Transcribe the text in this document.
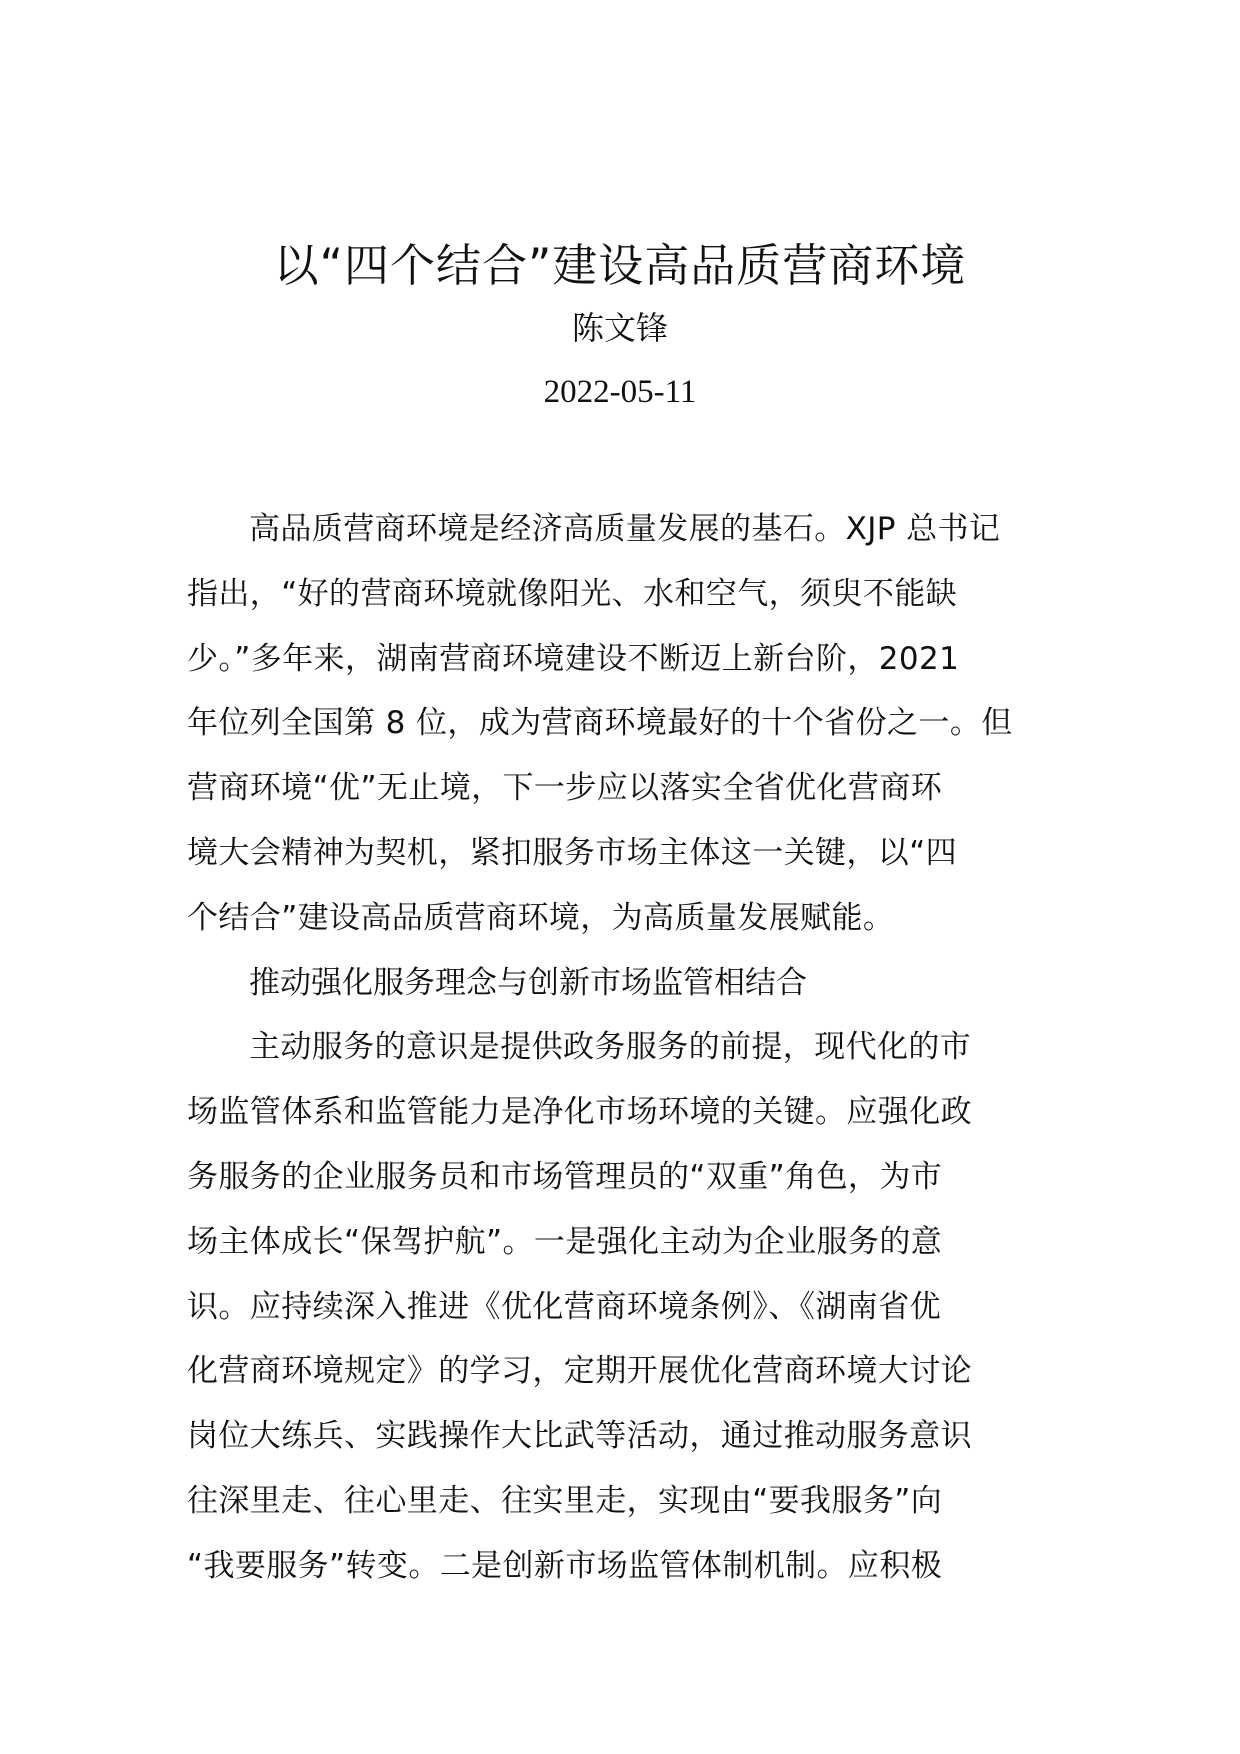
以“四个结合”建设高品质营商环境
陈文锋
2022-05-11
高品质营商环境是经济高质量发展的基石。XJP 总书记
指出，“好的营商环境就像阳光、水和空气，须臾不能缺
少。”多年来，湖南营商环境建设不断迈上新台阶，2021
年位列全国第 8 位，成为营商环境最好的十个省份之一。但
营商环境“优”无止境，下一步应以落实全省优化营商环
境大会精神为契机，紧扣服务市场主体这一关键，以“四
个结合”建设高品质营商环境，为高质量发展赋能。
推动强化服务理念与创新市场监管相结合
主动服务的意识是提供政务服务的前提，现代化的市
场监管体系和监管能力是净化市场环境的关键。应强化政
务服务的企业服务员和市场管理员的“双重”角色，为市
场主体成长“保驾护航”。一是强化主动为企业服务的意
识。应持续深入推进《优化营商环境条例》、《湖南省优
化营商环境规定》的学习，定期开展优化营商环境大讨论
岗位大练兵、实践操作大比武等活动，通过推动服务意识
往深里走、往心里走、往实里走，实现由“要我服务”向
“我要服务”转变。二是创新市场监管体制机制。应积极
